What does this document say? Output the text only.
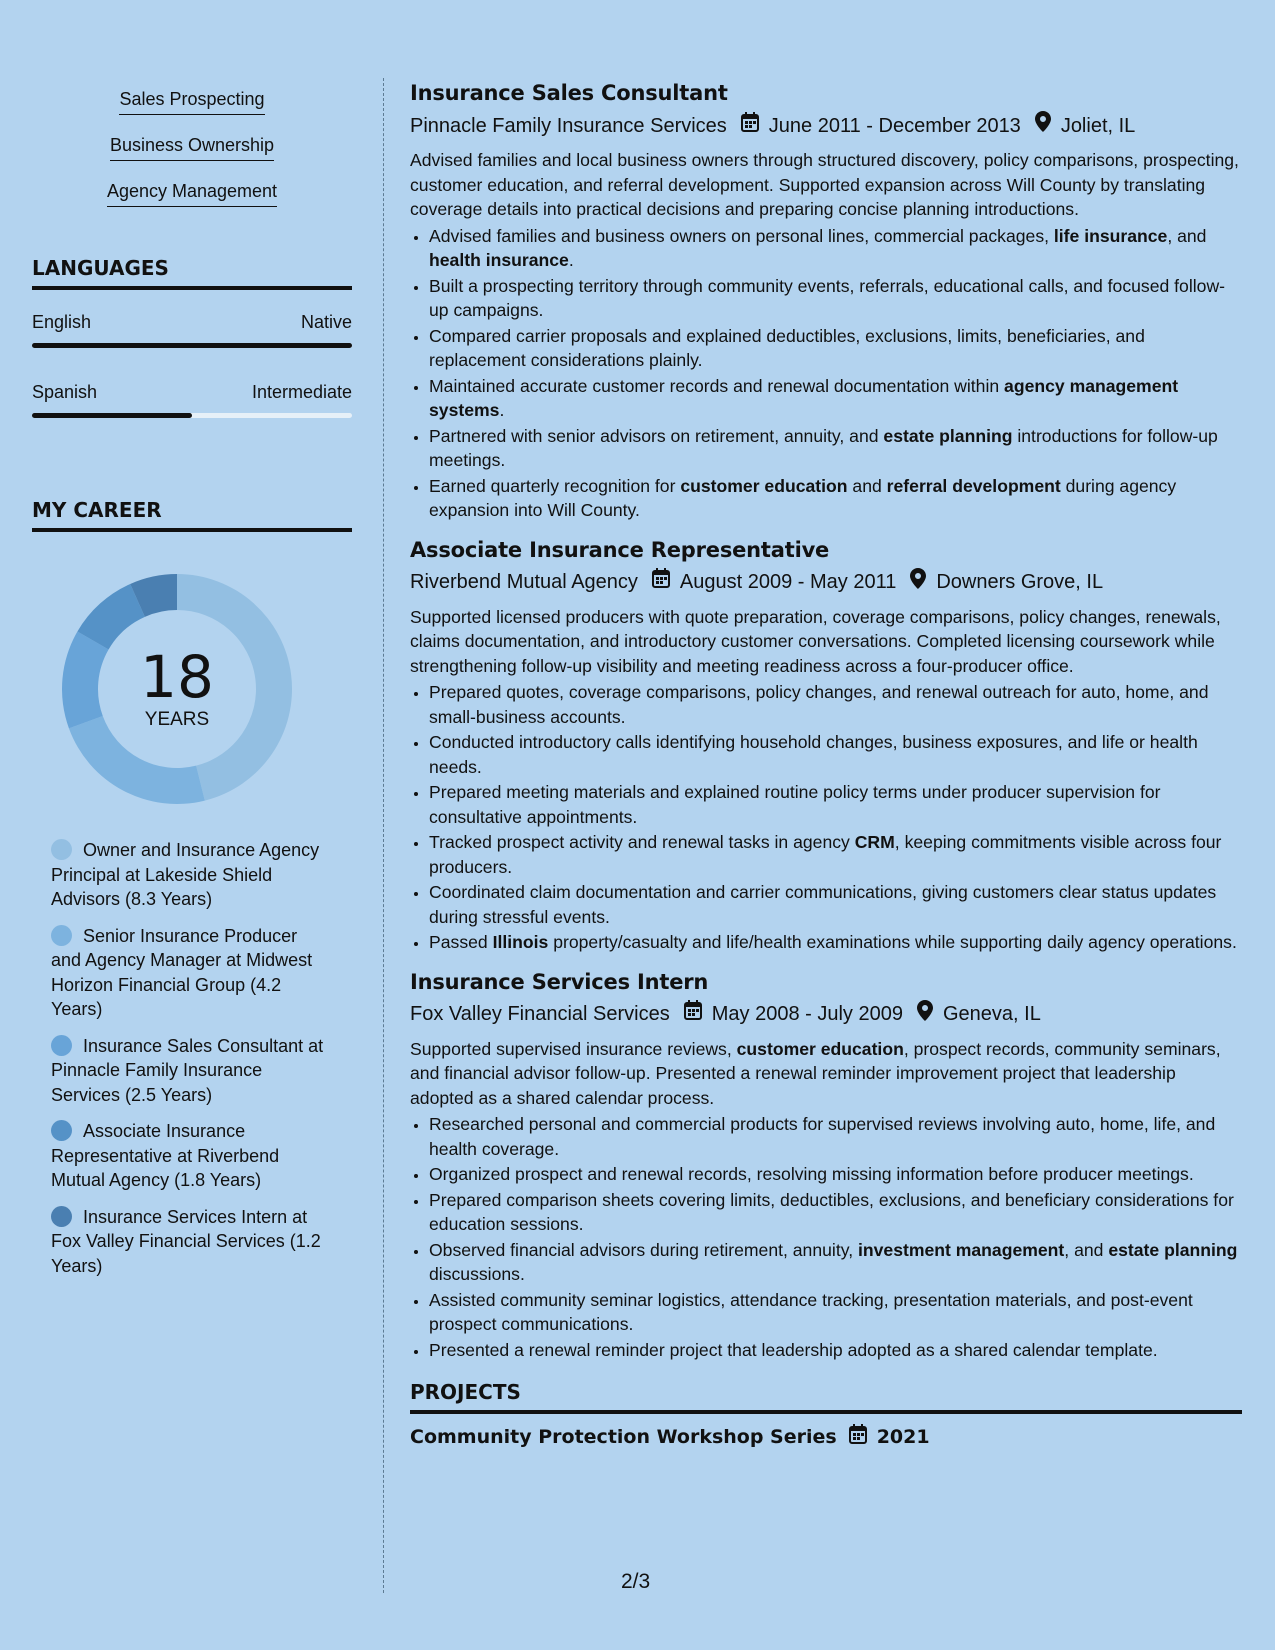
Sales Prospecting
Business Ownership
Agency Management
LANGUAGES
English	Native
Spanish	Intermediate
MY CAREER
18
YEARS
Owner and Insurance Agency Principal at Lakeside Shield Advisors (8.3 Years)
Senior Insurance Producer and Agency Manager at Midwest Horizon Financial Group (4.2 Years)
Insurance Sales Consultant at Pinnacle Family Insurance Services (2.5 Years)
Associate Insurance Representative at Riverbend Mutual Agency (1.8 Years)
Insurance Services Intern at Fox Valley Financial Services (1.2 Years)
Insurance Sales Consultant
Pinnacle Family Insurance Services June 2011 - December 2013 Joliet, IL

Advised families and local business owners through structured discovery, policy comparisons, prospecting, customer education, and referral development. Supported expansion across Will County by translating coverage details into practical decisions and preparing concise planning introductions.

• Advised families and business owners on personal lines, commercial packages, life insurance, and health insurance.
• Built a prospecting territory through community events, referrals, educational calls, and focused follow-up campaigns.
• Compared carrier proposals and explained deductibles, exclusions, limits, beneficiaries, and replacement considerations plainly.
• Maintained accurate customer records and renewal documentation within agency management systems.
• Partnered with senior advisors on retirement, annuity, and estate planning introductions for follow-up meetings.
• Earned quarterly recognition for customer education and referral development during agency expansion into Will County.
Associate Insurance Representative
Riverbend Mutual Agency August 2009 - May 2011 Downers Grove, IL

Supported licensed producers with quote preparation, coverage comparisons, policy changes, renewals, claims documentation, and introductory customer conversations. Completed licensing coursework while strengthening follow-up visibility and meeting readiness across a four-producer office.

• Prepared quotes, coverage comparisons, policy changes, and renewal outreach for auto, home, and small-business accounts.
• Conducted introductory calls identifying household changes, business exposures, and life or health needs.
• Prepared meeting materials and explained routine policy terms under producer supervision for consultative appointments.
• Tracked prospect activity and renewal tasks in agency CRM, keeping commitments visible across four producers.
• Coordinated claim documentation and carrier communications, giving customers clear status updates during stressful events.
• Passed Illinois property/casualty and life/health examinations while supporting daily agency operations.
Insurance Services Intern
Fox Valley Financial Services May 2008 - July 2009 Geneva, IL

Supported supervised insurance reviews, customer education, prospect records, community seminars, and financial advisor follow-up. Presented a renewal reminder improvement project that leadership adopted as a shared calendar process.

• Researched personal and commercial products for supervised reviews involving auto, home, life, and health coverage.
• Organized prospect and renewal records, resolving missing information before producer meetings.
• Prepared comparison sheets covering limits, deductibles, exclusions, and beneficiary considerations for education sessions.
• Observed financial advisors during retirement, annuity, investment management, and estate planning discussions.
• Assisted community seminar logistics, attendance tracking, presentation materials, and post-event prospect communications.
• Presented a renewal reminder project that leadership adopted as a shared calendar template.
PROJECTS
Community Protection Workshop Series 2021
2/3
